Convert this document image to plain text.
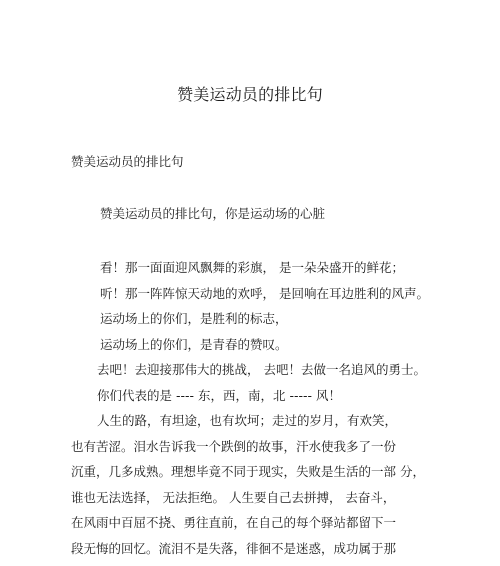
赞美运动员的排比句
赞美运动员的排比句
赞美运动员的排比句，你是运动场的心脏
看！那一面面迎风飘舞的彩旗， 是一朵朵盛开的鲜花；
听！那一阵阵惊天动地的欢呼， 是回响在耳边胜利的风声。
运动场上的你们，是胜利的标志，
运动场上的你们，是青春的赞叹。
去吧！去迎接那伟大的挑战， 去吧！去做一名追风的勇士。
你们代表的是 ---- 东，西，南，北 ----- 风！
人生的路，有坦途，也有坎坷；走过的岁月，有欢笑，
也有苦涩。泪水告诉我一个跌倒的故事，汗水使我多了一份
沉重，几多成熟。理想毕竟不同于现实，失败是生活的一部 分，
谁也无法选择， 无法拒绝。 人生要自己去拼搏， 去奋斗，
在风雨中百屈不挠、勇往直前，在自己的每个驿站都留下一
段无悔的回忆。流泪不是失落，徘徊不是迷惑，成功属于那
